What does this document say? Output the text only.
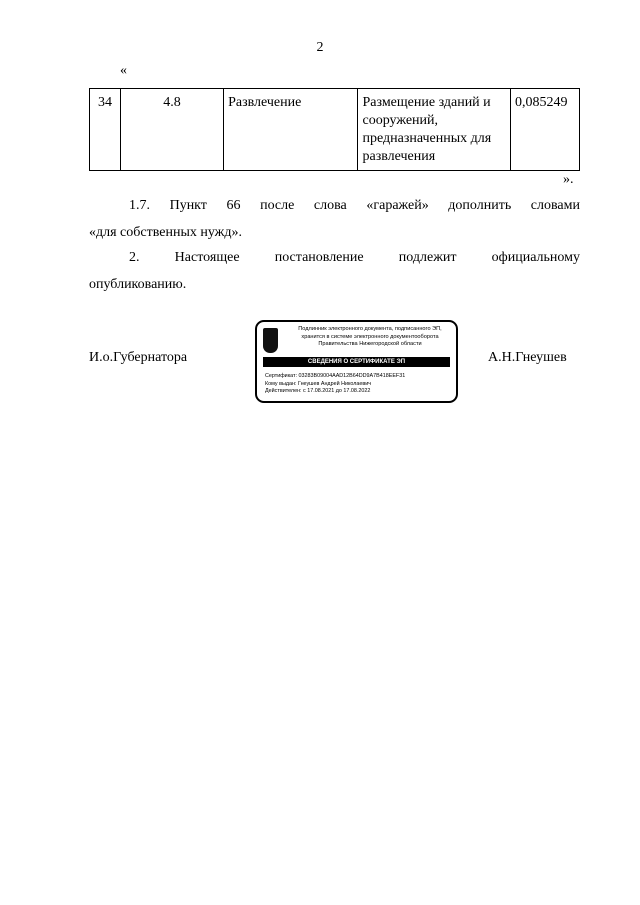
2
«
34	4.8	Развлечение	Размещение зданий и сооружений, предназначенных для развлечения	0,085249
».
1.7. Пункт 66 после слова «гаражей» дополнить словами
«для собственных нужд».
2. Настоящее постановление подлежит официальному
опубликованию.
И.о.Губернатора
Подлинник электронного документа, подписанного ЭП, хранится в системе электронного документооборота Правительства Нижегородской области
СВЕДЕНИЯ О СЕРТИФИКАТЕ ЭП
Сертификат: 03283B09004AAD12B64DD9A7B418EEF31
Кому выдан: Гнеушев Андрей Николаевич
Действителен: с 17.08.2021 до 17.08.2022
А.Н.Гнеушев
